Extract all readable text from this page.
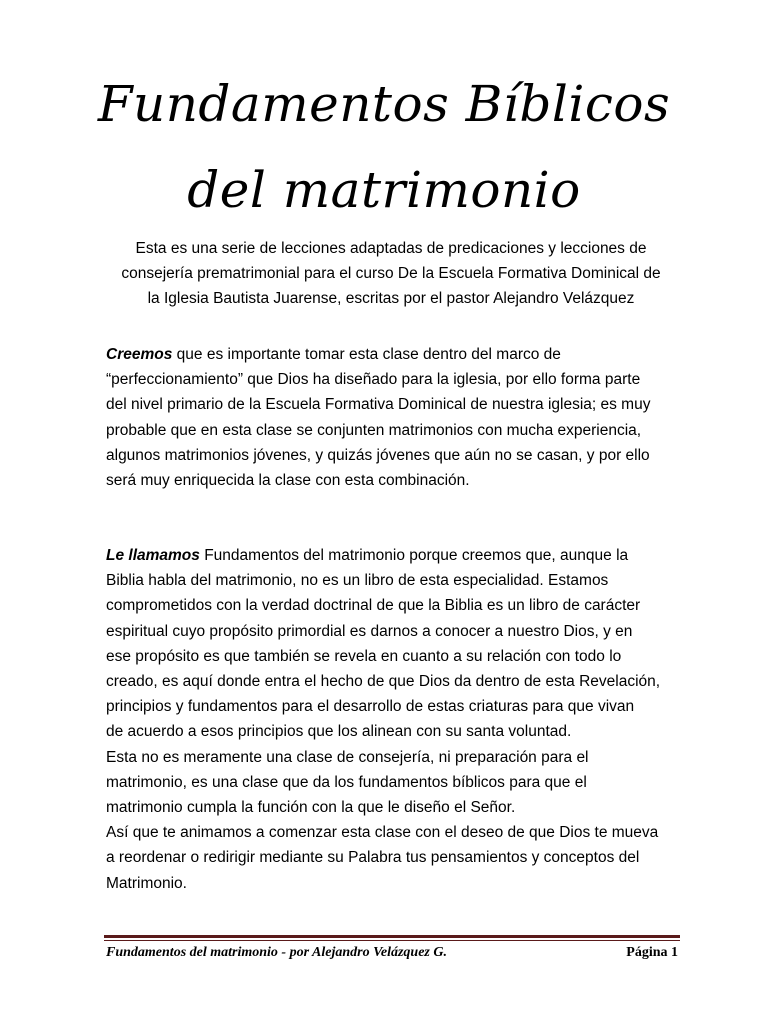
Fundamentos Bíblicos
del matrimonio

Esta es una serie de lecciones adaptadas de predicaciones y lecciones de
consejería prematrimonial para el curso De la Escuela Formativa Dominical de
la Iglesia Bautista Juarense, escritas por el pastor Alejandro Velázquez

Creemos que es importante tomar esta clase dentro del marco de
“perfeccionamiento” que Dios ha diseñado para la iglesia, por ello forma parte
del nivel primario de la Escuela Formativa Dominical de nuestra iglesia; es muy
probable que en esta clase se conjunten matrimonios con mucha experiencia,
algunos matrimonios jóvenes, y quizás jóvenes que aún no se casan, y por ello
será muy enriquecida la clase con esta combinación.

Le llamamos Fundamentos del matrimonio porque creemos que, aunque la
Biblia habla del matrimonio, no es un libro de esta especialidad. Estamos
comprometidos con la verdad doctrinal de que la Biblia es un libro de carácter
espiritual cuyo propósito primordial es darnos a conocer a nuestro Dios, y en
ese propósito es que también se revela en cuanto a su relación con todo lo
creado, es aquí donde entra el hecho de que Dios da dentro de esta Revelación,
principios y fundamentos para el desarrollo de estas criaturas para que vivan
de acuerdo a esos principios que los alinean con su santa voluntad.
Esta no es meramente una clase de consejería, ni preparación para el
matrimonio, es una clase que da los fundamentos bíblicos para que el
matrimonio cumpla la función con la que le diseño el Señor.
Así que te animamos a comenzar esta clase con el deseo de que Dios te mueva
a reordenar o redirigir mediante su Palabra tus pensamientos y conceptos del
Matrimonio.

Fundamentos del matrimonio - por Alejandro Velázquez G.	Página 1
